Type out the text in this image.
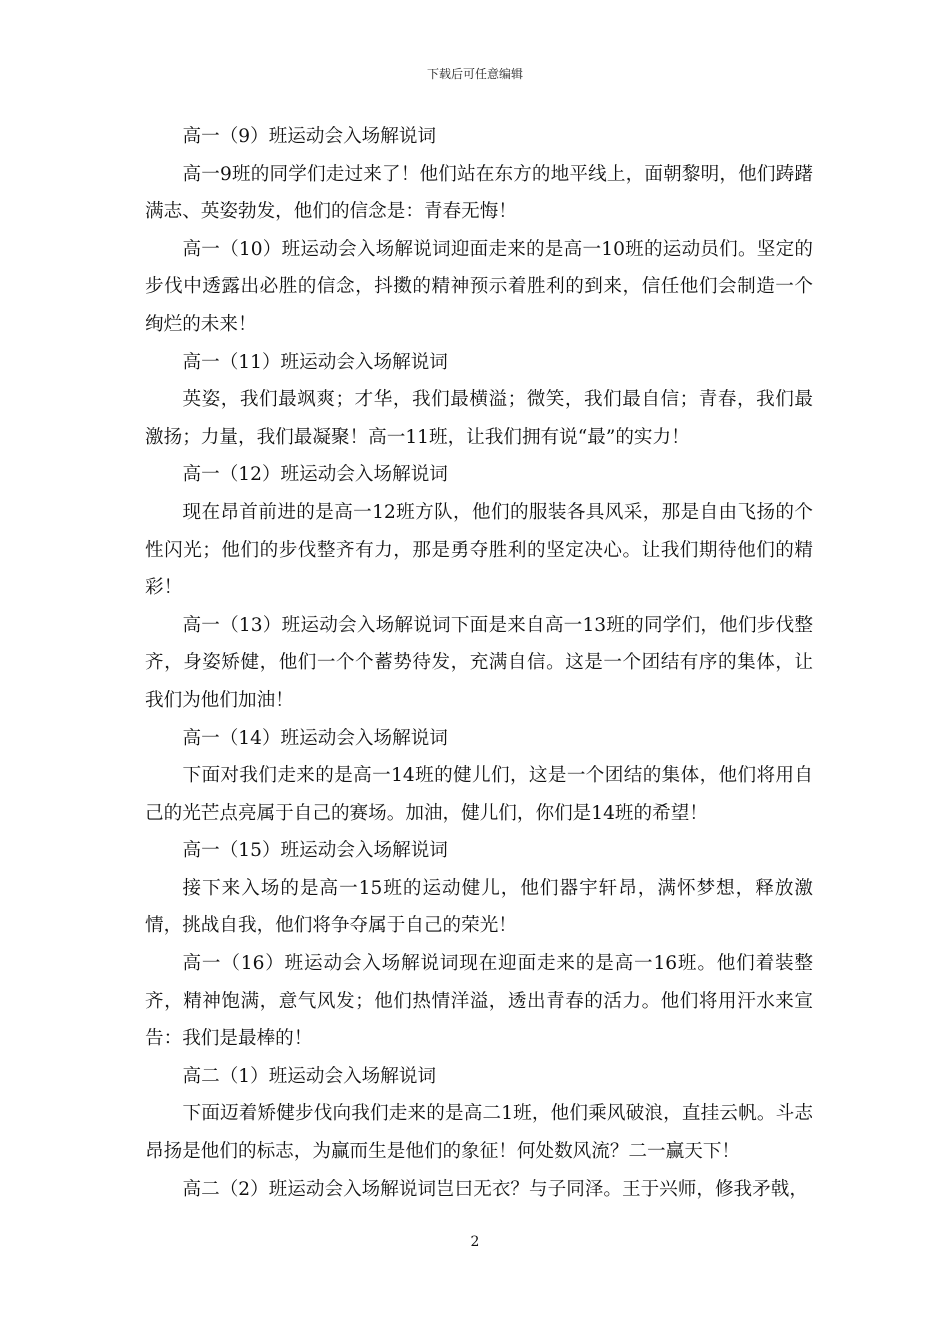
下载后可任意编辑

高一（9）班运动会入场解说词

高一9班的同学们走过来了！他们站在东方的地平线上，面朝黎明，他们踌躇满志、英姿勃发，他们的信念是：青春无悔！

高一（10）班运动会入场解说词迎面走来的是高一10班的运动员们。坚定的步伐中透露出必胜的信念，抖擞的精神预示着胜利的到来，信任他们会制造一个绚烂的未来！

高一（11）班运动会入场解说词

英姿，我们最飒爽；才华，我们最横溢；微笑，我们最自信；青春，我们最激扬；力量，我们最凝聚！高一11班，让我们拥有说“最”的实力！

高一（12）班运动会入场解说词

现在昂首前进的是高一12班方队，他们的服装各具风采，那是自由飞扬的个性闪光；他们的步伐整齐有力，那是勇夺胜利的坚定决心。让我们期待他们的精彩！

高一（13）班运动会入场解说词下面是来自高一13班的同学们，他们步伐整齐，身姿矫健，他们一个个蓄势待发，充满自信。这是一个团结有序的集体，让我们为他们加油！

高一（14）班运动会入场解说词

下面对我们走来的是高一14班的健儿们，这是一个团结的集体，他们将用自己的光芒点亮属于自己的赛场。加油，健儿们，你们是14班的希望！

高一（15）班运动会入场解说词

接下来入场的是高一15班的运动健儿，他们器宇轩昂，满怀梦想，释放激情，挑战自我，他们将争夺属于自己的荣光！

高一（16）班运动会入场解说词现在迎面走来的是高一16班。他们着装整齐，精神饱满，意气风发；他们热情洋溢，透出青春的活力。他们将用汗水来宣告：我们是最棒的！

高二（1）班运动会入场解说词

下面迈着矫健步伐向我们走来的是高二1班，他们乘风破浪，直挂云帆。斗志昂扬是他们的标志，为赢而生是他们的象征！何处数风流？二一赢天下！

高二（2）班运动会入场解说词岂曰无衣？与子同泽。王于兴师，修我矛戟，

2
